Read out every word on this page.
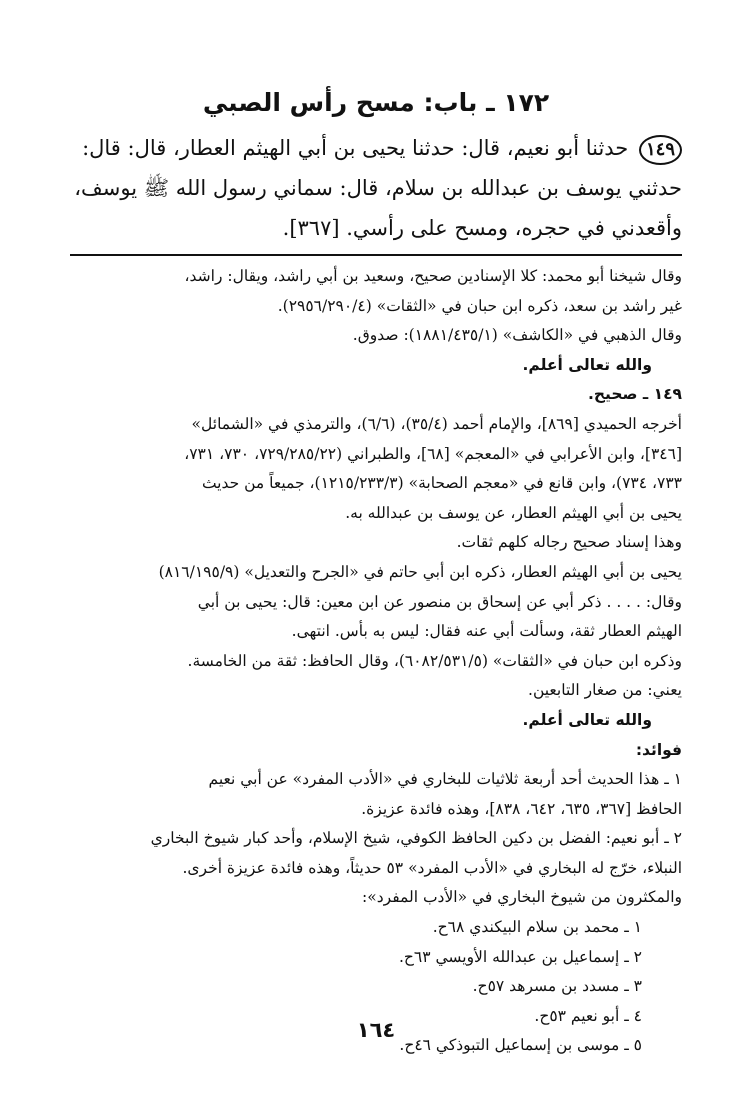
١٧٢ ـ باب: مسح رأس الصبي

١٤٩ حدثنا أبو نعيم، قال: حدثنا يحيى بن أبي الهيثم العطار، قال: قال:

حدثني يوسف بن عبدالله بن سلام، قال: سماني رسول الله ﷺ يوسف،

وأقعدني في حجره، ومسح على رأسي. [٣٦٧].

وقال شيخنا أبو محمد: كلا الإسنادين صحيح، وسعيد بن أبي راشد، ويقال: راشد،

غير راشد بن سعد، ذكره ابن حبان في «الثقات» (٢٩٥٦/٢٩٠/٤).

وقال الذهبي في «الكاشف» (١٨٨١/٤٣٥/١): صدوق.

والله تعالى أعلم.

١٤٩ ـ صحيح.

أخرجه الحميدي [٨٦٩]، والإمام أحمد (٣٥/٤)، (٦/٦)، والترمذي في «الشمائل»

[٣٤٦]، وابن الأعرابي في «المعجم» [٦٨]، والطبراني (٧٢٩/٢٨٥/٢٢، ٧٣٠، ٧٣١،

٧٣٣، ٧٣٤)، وابن قانع في «معجم الصحابة» (١٢١٥/٢٣٣/٣)، جميعاً من حديث

يحيى بن أبي الهيثم العطار، عن يوسف بن عبدالله به.

وهذا إسناد صحيح رجاله كلهم ثقات.

يحيى بن أبي الهيثم العطار، ذكره ابن أبي حاتم في «الجرح والتعديل» (٨١٦/١٩٥/٩)

وقال: . . . . ذكر أبي عن إسحاق بن منصور عن ابن معين: قال: يحيى بن أبي

الهيثم العطار ثقة، وسألت أبي عنه فقال: ليس به بأس. انتهى.

وذكره ابن حبان في «الثقات» (٦٠٨٢/٥٣١/٥)، وقال الحافظ: ثقة من الخامسة.

يعني: من صغار التابعين.

والله تعالى أعلم.

فوائد:

١ ـ هذا الحديث أحد أربعة ثلاثيات للبخاري في «الأدب المفرد» عن أبي نعيم

الحافظ [٣٦٧، ٦٣٥، ٦٤٢، ٨٣٨]، وهذه فائدة عزيزة.

٢ ـ أبو نعيم: الفضل بن دكين الحافظ الكوفي، شيخ الإسلام، وأحد كبار شيوخ البخاري

النبلاء، خرّج له البخاري في «الأدب المفرد» ٥٣ حديثاً، وهذه فائدة عزيزة أخرى.

والمكثرون من شيوخ البخاري في «الأدب المفرد»:

١ ـ محمد بن سلام البيكندي ٦٨ح.

٢ ـ إسماعيل بن عبدالله الأويسي ٦٣ح.

٣ ـ مسدد بن مسرهد ٥٧ح.

٤ ـ أبو نعيم ٥٣ح.

٥ ـ موسى بن إسماعيل التبوذكي ٤٦ح.

١٦٤
